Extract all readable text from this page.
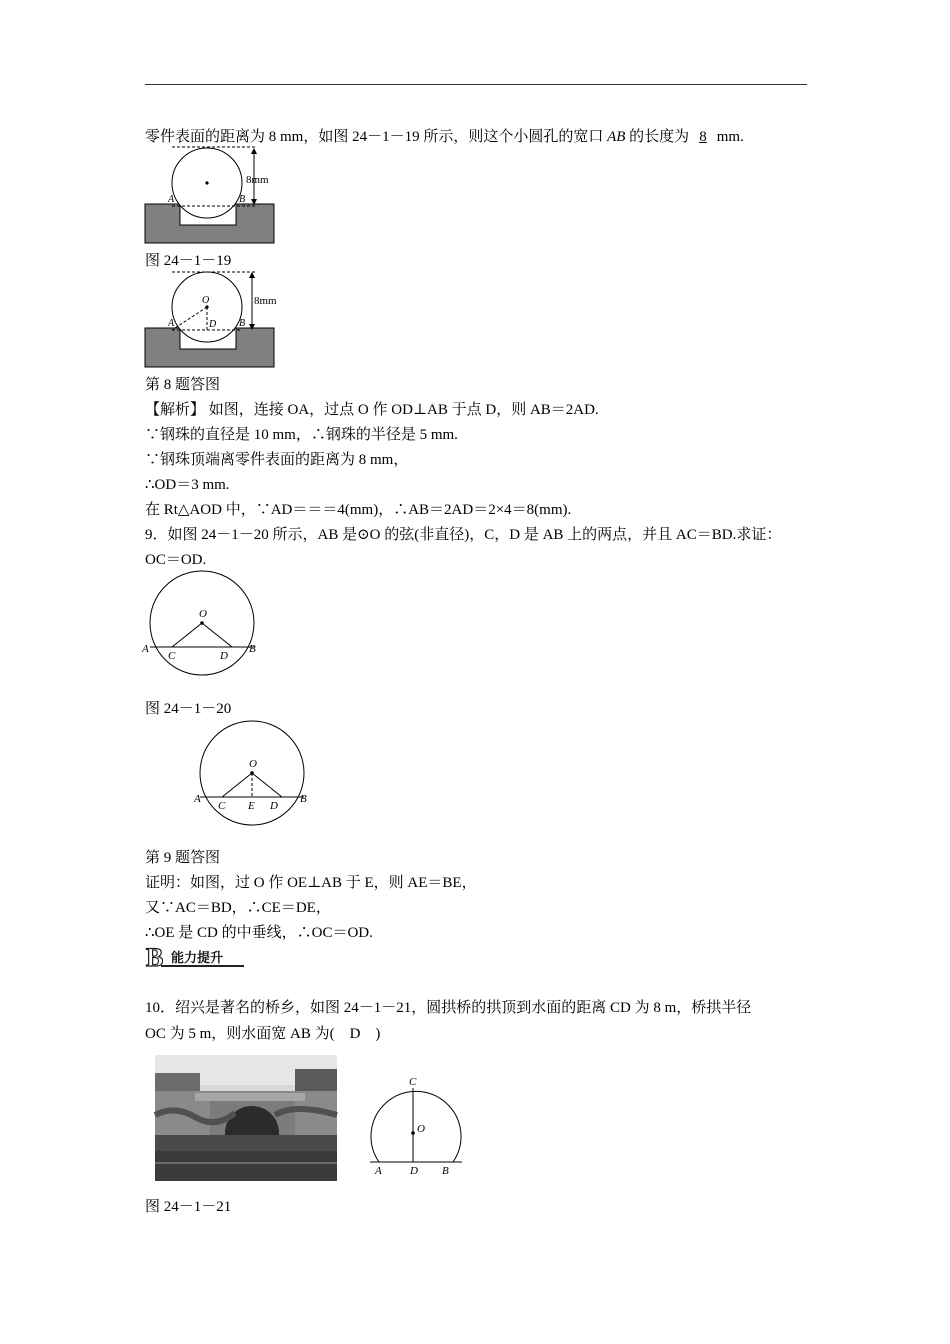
零件表面的距离为 8 mm，如图 24－1－19 所示，则这个小圆孔的宽口 AB 的长度为 8 mm.
8mm
A	B
图 24－1－19
O
D
A	B
8mm
第 8 题答图
【解析】 如图，连接 OA，过点 O 作 OD⊥AB 于点 D，则 AB＝2AD.
∵钢珠的直径是 10 mm，∴钢珠的半径是 5 mm.
∵钢珠顶端离零件表面的距离为 8 mm，
∴OD＝3 mm.
在 Rt△AOD 中，∵AD＝＝＝4(mm)，∴AB＝2AD＝2×4＝8(mm).
9．如图 24－1－20 所示，AB 是⊙O 的弦(非直径)，C，D 是 AB 上的两点，并且 AC＝BD.求证：
OC＝OD.
O
A
C	D
B
图 24－1－20
O
A
C E D
B
第 9 题答图
证明：如图，过 O 作 OE⊥AB 于 E，则 AE＝BE，
又∵AC＝BD，∴CE＝DE，
∴OE 是 CD 的中垂线，∴OC＝OD.
B 能力提升
10．绍兴是著名的桥乡，如图 24－1－21，圆拱桥的拱顶到水面的距离 CD 为 8 m，桥拱半径
OC 为 5 m，则水面宽 AB 为(　D　)
C
O
A	D B
图 24－1－21
